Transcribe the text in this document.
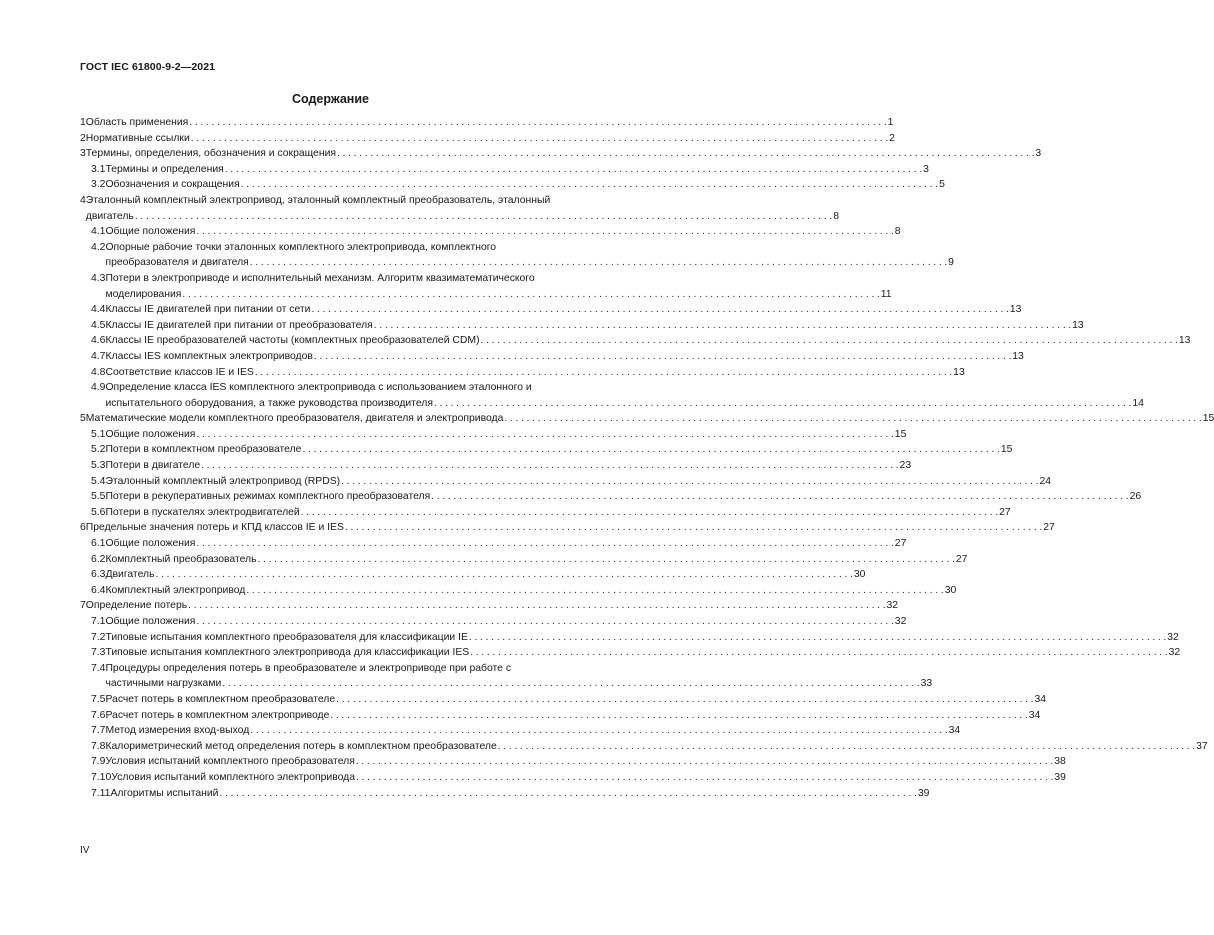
ГОСТ IEC 61800-9-2—2021
Содержание
1 Область применения . . .	1
2 Нормативные ссылки . . .	2
3 Термины, определения, обозначения и сокращения . . .	3
3.1 Термины и определения . . .	3
3.2 Обозначения и сокращения . . .	5
4 Эталонный комплектный электропривод, эталонный комплектный преобразователь, эталонный
двигатель . . .	8
4.1 Общие положения . . .	8
4.2 Опорные рабочие точки эталонных комплектного электропривода, комплектного
преобразователя и двигателя . . .	9
4.3 Потери в электроприводе и исполнительный механизм. Алгоритм квазиматематического
моделирования . . .	11
4.4 Классы IE двигателей при питании от сети . . .	13
4.5 Классы IE двигателей при питании от преобразователя . . .	13
4.6 Классы IE преобразователей частоты (комплектных преобразователей CDM) . . .	13
4.7 Классы IES комплектных электроприводов . . .	13
4.8 Соответствие классов IE и IES . . .	13
4.9 Определение класса IES комплектного электропривода с использованием эталонного и
испытательного оборудования, а также руководства производителя . . .	14
5 Математические модели комплектного преобразователя, двигателя и электропривода . . .	15
5.1 Общие положения . . .	15
5.2 Потери в комплектном преобразователе . . .	15
5.3 Потери в двигателе . . .	23
5.4 Эталонный комплектный электропривод (RPDS) . . .	24
5.5 Потери в рекуперативных режимах комплектного преобразователя . . .	26
5.6 Потери в пускателях электродвигателей . . .	27
6 Предельные значения потерь и КПД классов IE и IES . . .	27
6.1 Общие положения . . .	27
6.2 Комплектный преобразователь . . .	27
6.3 Двигатель . . .	30
6.4 Комплектный электропривод . . .	30
7 Определение потерь . . .	32
7.1 Общие положения . . .	32
7.2 Типовые испытания комплектного преобразователя для классификации IE . . .	32
7.3 Типовые испытания комплектного электропривода для классификации IES . . .	32
7.4 Процедуры определения потерь в преобразователе и электроприводе при работе с
частичными нагрузками . . .	33
7.5 Расчет потерь в комплектном преобразователе . . .	34
7.6 Расчет потерь в комплектном электроприводе . . .	34
7.7 Метод измерения вход-выход . . .	34
7.8 Калориметрический метод определения потерь в комплектном преобразователе . . .	37
7.9 Условия испытаний комплектного преобразователя . . .	38
7.10 Условия испытаний комплектного электропривода . . .	39
7.11 Алгоритмы испытаний . . .	39
IV
